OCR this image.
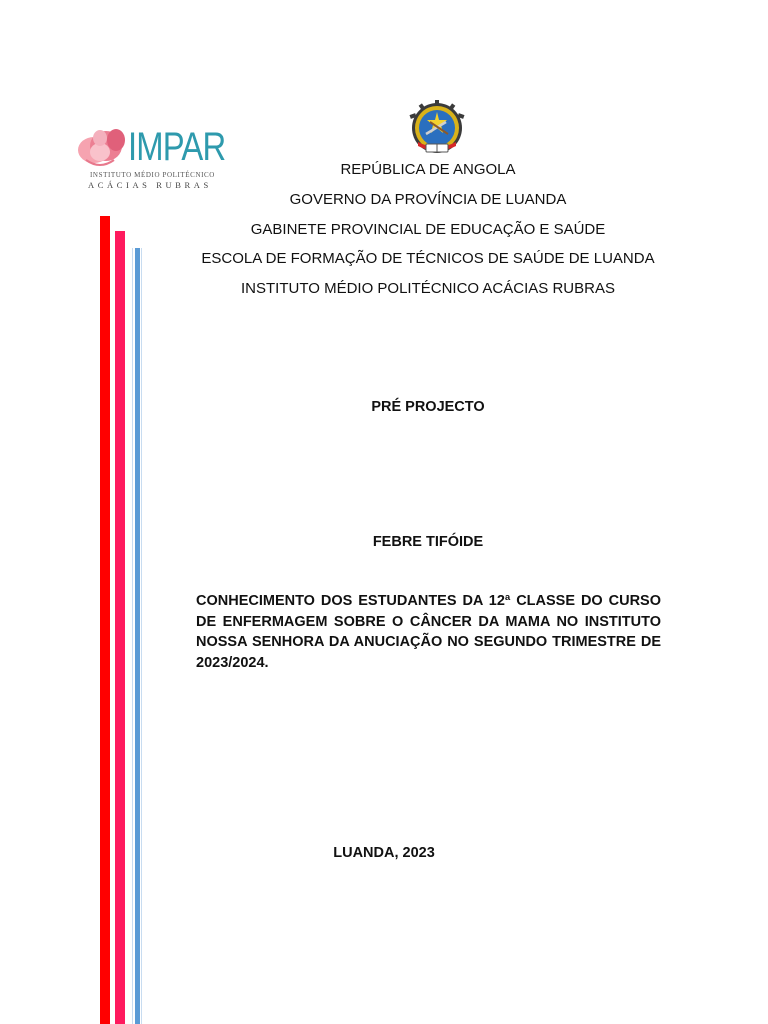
IMPAR
INSTITUTO MÉDIO POLITÉCNICO
ACÁCIAS RUBRAS
REPÚBLICA DE ANGOLA
GOVERNO DA PROVÍNCIA DE LUANDA
GABINETE PROVINCIAL DE EDUCAÇÃO E SAÚDE
ESCOLA DE FORMAÇÃO DE TÉCNICOS DE SAÚDE DE LUANDA
INSTITUTO MÉDIO POLITÉCNICO ACÁCIAS RUBRAS
PRÉ PROJECTO
FEBRE TIFÓIDE
CONHECIMENTO DOS ESTUDANTES DA 12ª CLASSE DO CURSO DE ENFERMAGEM SOBRE O CÂNCER DA MAMA NO INSTITUTO NOSSA SENHORA DA ANUCIAÇÃO NO SEGUNDO TRIMESTRE DE 2023/2024.
LUANDA, 2023
